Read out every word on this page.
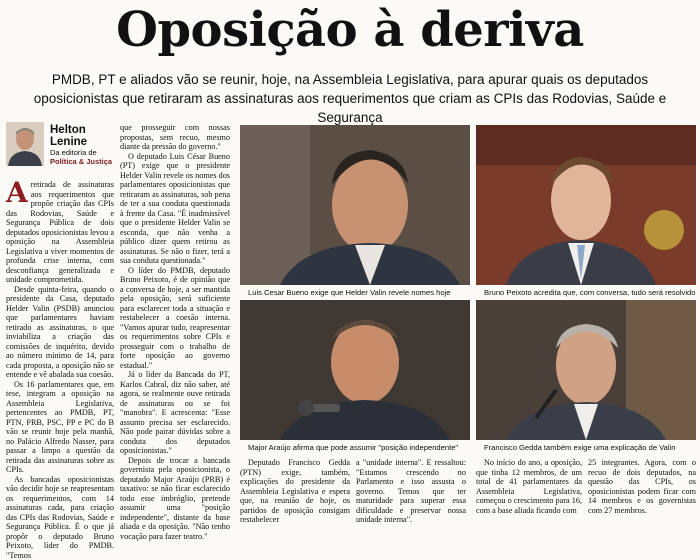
Oposição à deriva
PMDB, PT e aliados vão se reunir, hoje, na Assembleia Legislativa, para apurar quais os deputados oposicionistas que retiraram as assinaturas aos requerimentos que criam as CPIs das Rodovias, Saúde e Segurança
Helton
Lenine
Da editoria de
Política & Justiça

Aretirada de assinaturas aos requerimentos que propõe criação das CPIs das Rodovias, Saúde e Segurança Pública de dois deputados oposicionistas levou a oposição na Assembleia Legislativa a viver momentos de profunda crise interna, com desconfiança generalizada e unidade comprometida.

Desde quinta-feira, quando o presidente da Casa, deputado Helder Valin (PSDB) anunciou que parlamentares haviam retirado as assinaturas, o que inviabiliza a criação das comissões de inquérito, devido ao número mínimo de 14, para cada proposta, a oposição não se entende e vê abalada sua coesão.

Os 16 parlamentares que, em tese, integram a oposição na Assembleia Legislativa, pertencentes ao PMDB, PT, PTN, PRB, PSC, PP e PC do B vão se reunir hoje pela manhã, no Palácio Alfredo Nasser, para passar a limpo a questão da retirada das assinaturas sobre as CPIs.

As bancadas oposicionistas vão decidir hoje se reapresentam os requerimentos, com 14 assinaturas cada, para criação das CPIs das Rodovias, Saúde e Segurança Pública. É o que já propôr o deputado Bruno Peixoto, líder do PMDB. "Temos

que prosseguir com nossas propostas, sem recuo, mesmo diante da pressão do governo."

O deputado Luis César Bueno (PT) exige que o presidente Helder Valin revele os nomes dos parlamentares oposicionistas que retiraram as assinaturas, sob pena de ter a sua conduta questionada à frente da Casa. "É inadmissível que o presidente Helder Valin se esconda, que não venha a público dizer quem retirou as assinaturas. Se não o fizer, terá a sua conduta questionada."

O líder do PMDB, deputado Bruno Peixoto, é de opinião que a conversa de hoje, a ser mantida pela oposição, será suficiente para esclarecer toda a situação e restabelecer a coesão interna. "Vamos apurar tudo, reapresentar os requerimentos sobre CPIs e prosseguir com o trabalho de forte oposição ao governo estadual."

Já o líder da Bancada do PT, Karlos Cabral, diz não saber, até agora, se realmente ouve retirada de assinaturas ou se foi "manobra". E acrescenta: "Esse assunto precisa ser esclarecido. Não pode pairar dúvidas sobre a conduta dos deputados oposicionistas."

Depois de trocar a bancada governista pela oposicionista, o deputado Major Araújo (PRB) é taxativo: se não ficar esclarecido todo esse imbróglio, pretende assumir uma "posição independente", distante da base aliada e da oposição. "Não tenho vocação para fazer teatro."

Luis Cesar Bueno exige que Helder Valin revele nomes hoje	Bruno Peixoto acredita que, com conversa, tudo será resolvido
Major Araújo afirma que pode assumir "posição independente"	Francisco Gedda também exige uma explicação de Valin

Deputado Francisco Gedda (PTN) exige, também, explicações do presidente da Assembleia Legislativa e espera que, na reunião de hoje, os partidos de oposição consigam restabelecer

a "unidade interna". E ressaltou: "Estamos crescendo no Parlamento e isso assusta o governo. Temos que ter maturidade para superar essa dificuldade e preservar nossa unidade interna".

No início do ano, a oposição, que tinha 12 membros, de um total de 41 parlamentares da Assembleia Legislativa, começou o crescimento para 16, com a base aliada ficando com

25 integrantes. Agora, com o recuo de dois deputados, na questão das CPIs, os oposicionistas podem ficar com 14 membros e os governistas com 27 membros.
